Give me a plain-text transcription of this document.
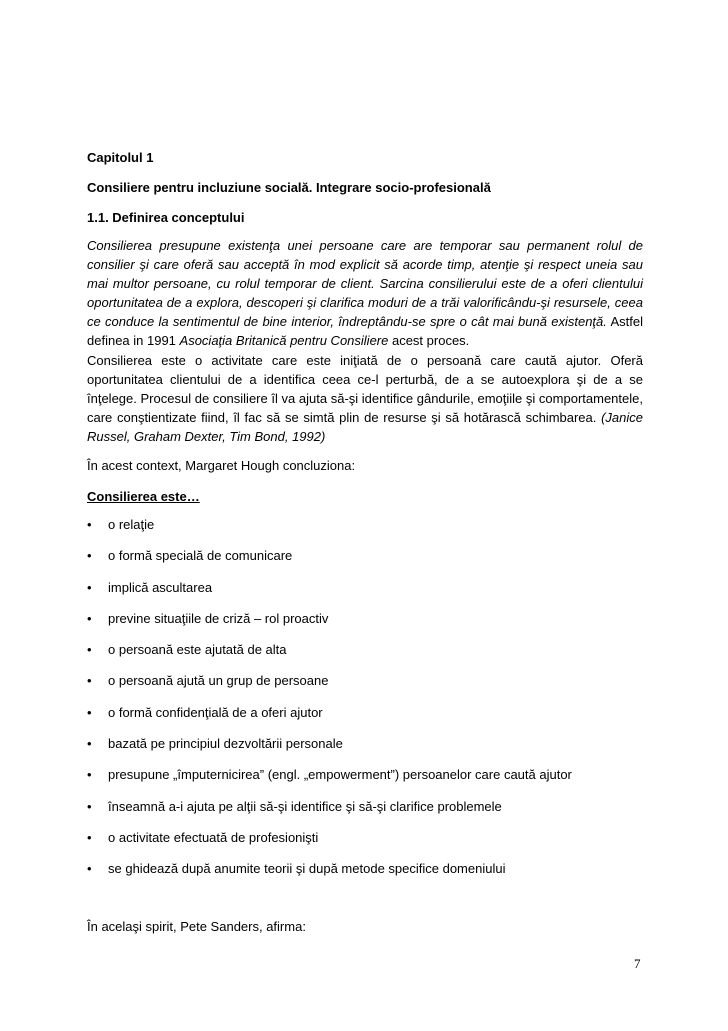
Capitolul 1
Consiliere pentru incluziune socială. Integrare socio-profesională
1.1. Definirea conceptului
Consilierea presupune existenţa unei persoane care are temporar sau permanent rolul de consilier şi care oferă sau acceptă în mod explicit să acorde timp, atenţie şi respect uneia sau mai multor persoane, cu rolul temporar de client. Sarcina consilierului este de a oferi clientului oportunitatea de a explora, descoperi şi clarifica moduri de a trăi valorificându-şi resursele, ceea ce conduce la sentimentul de bine interior, îndreptându-se spre o cât mai bună existenţă. Astfel definea in 1991 Asociaţia Britanică pentru Consiliere acest proces.
Consilierea este o activitate care este iniţiată de o persoană care caută ajutor. Oferă oportunitatea clientului de a identifica ceea ce-l perturbă, de a se autoexplora şi de a se înţelege. Procesul de consiliere îl va ajuta să-şi identifice gândurile, emoţiile şi comportamentele, care conştientizate fiind, îl fac să se simtă plin de resurse şi să hotărască schimbarea. (Janice Russel, Graham Dexter, Tim Bond, 1992)
În acest context, Margaret Hough concluziona:
Consilierea este…
• o relaţie
• o formă specială de comunicare
• implică ascultarea
• previne situaţiile de criză – rol proactiv
• o persoană este ajutată de alta
• o persoană ajută un grup de persoane
• o formă confidenţială de a oferi ajutor
• bazată pe principiul dezvoltării personale
• presupune „împuternicirea” (engl. „empowerment”) persoanelor care caută ajutor
• înseamnă a-i ajuta pe alţii să-şi identifice şi să-şi clarifice problemele
• o activitate efectuată de profesionişti
• se ghidează după anumite teorii şi după metode specifice domeniului
În acelaşi spirit, Pete Sanders, afirma:
7
